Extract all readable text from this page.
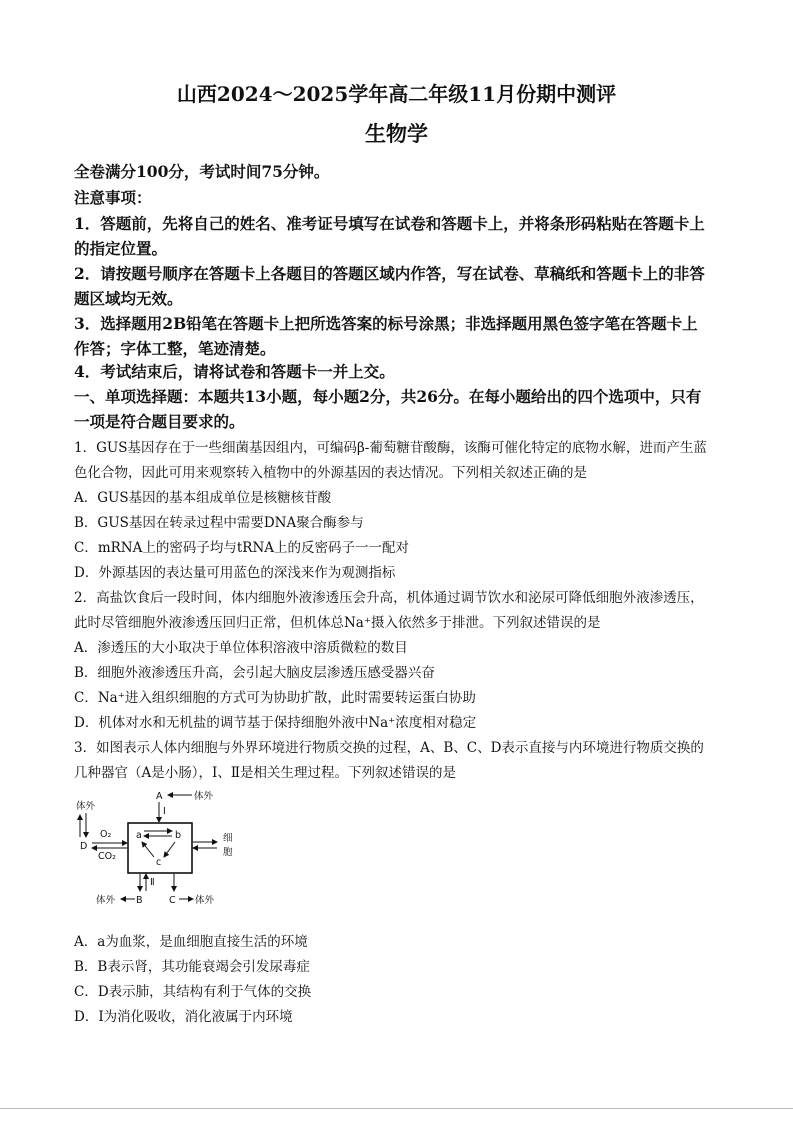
山西2024～2025学年高二年级11月份期中测评
生物学
全卷满分100分，考试时间75分钟。
注意事项：
1．答题前，先将自己的姓名、准考证号填写在试卷和答题卡上，并将条形码粘贴在答题卡上
的指定位置。
2．请按题号顺序在答题卡上各题目的答题区域内作答，写在试卷、草稿纸和答题卡上的非答
题区域均无效。
3．选择题用2B铅笔在答题卡上把所选答案的标号涂黑；非选择题用黑色签字笔在答题卡上
作答；字体工整，笔迹清楚。
4．考试结束后，请将试卷和答题卡一并上交。
一、单项选择题：本题共13小题，每小题2分，共26分。在每小题给出的四个选项中，只有
一项是符合题目要求的。
1．GUS基因存在于一些细菌基因组内，可编码β-葡萄糖苷酸酶，该酶可催化特定的底物水解，进而产生蓝
色化合物，因此可用来观察转入植物中的外源基因的表达情况。下列相关叙述正确的是
A．GUS基因的基本组成单位是核糖核苷酸
B．GUS基因在转录过程中需要DNA聚合酶参与
C．mRNA上的密码子均与tRNA上的反密码子一一配对
D．外源基因的表达量可用蓝色的深浅来作为观测指标
2．高盐饮食后一段时间，体内细胞外液渗透压会升高，机体通过调节饮水和泌尿可降低细胞外液渗透压，
此时尽管细胞外液渗透压回归正常，但机体总Na⁺摄入依然多于排泄。下列叙述错误的是
A．渗透压的大小取决于单位体积溶液中溶质微粒的数目
B．细胞外液渗透压升高，会引起大脑皮层渗透压感受器兴奋
C．Na⁺进入组织细胞的方式可为协助扩散，此时需要转运蛋白协助
D．机体对水和无机盐的调节基于保持细胞外液中Na⁺浓度相对稳定
3．如图表示人体内细胞与外界环境进行物质交换的过程，A、B、C、D表示直接与内环境进行物质交换的
几种器官（A是小肠），Ⅰ、Ⅱ是相关生理过程。下列叙述错误的是
A	体外
Ⅰ
a	b
c
体外
D
O₂
CO₂
细
胞
Ⅱ
B
体外	C 体外
A．a为血浆，是血细胞直接生活的环境
B．B表示肾，其功能衰竭会引发尿毒症
C．D表示肺，其结构有利于气体的交换
D．Ⅰ为消化吸收，消化液属于内环境
